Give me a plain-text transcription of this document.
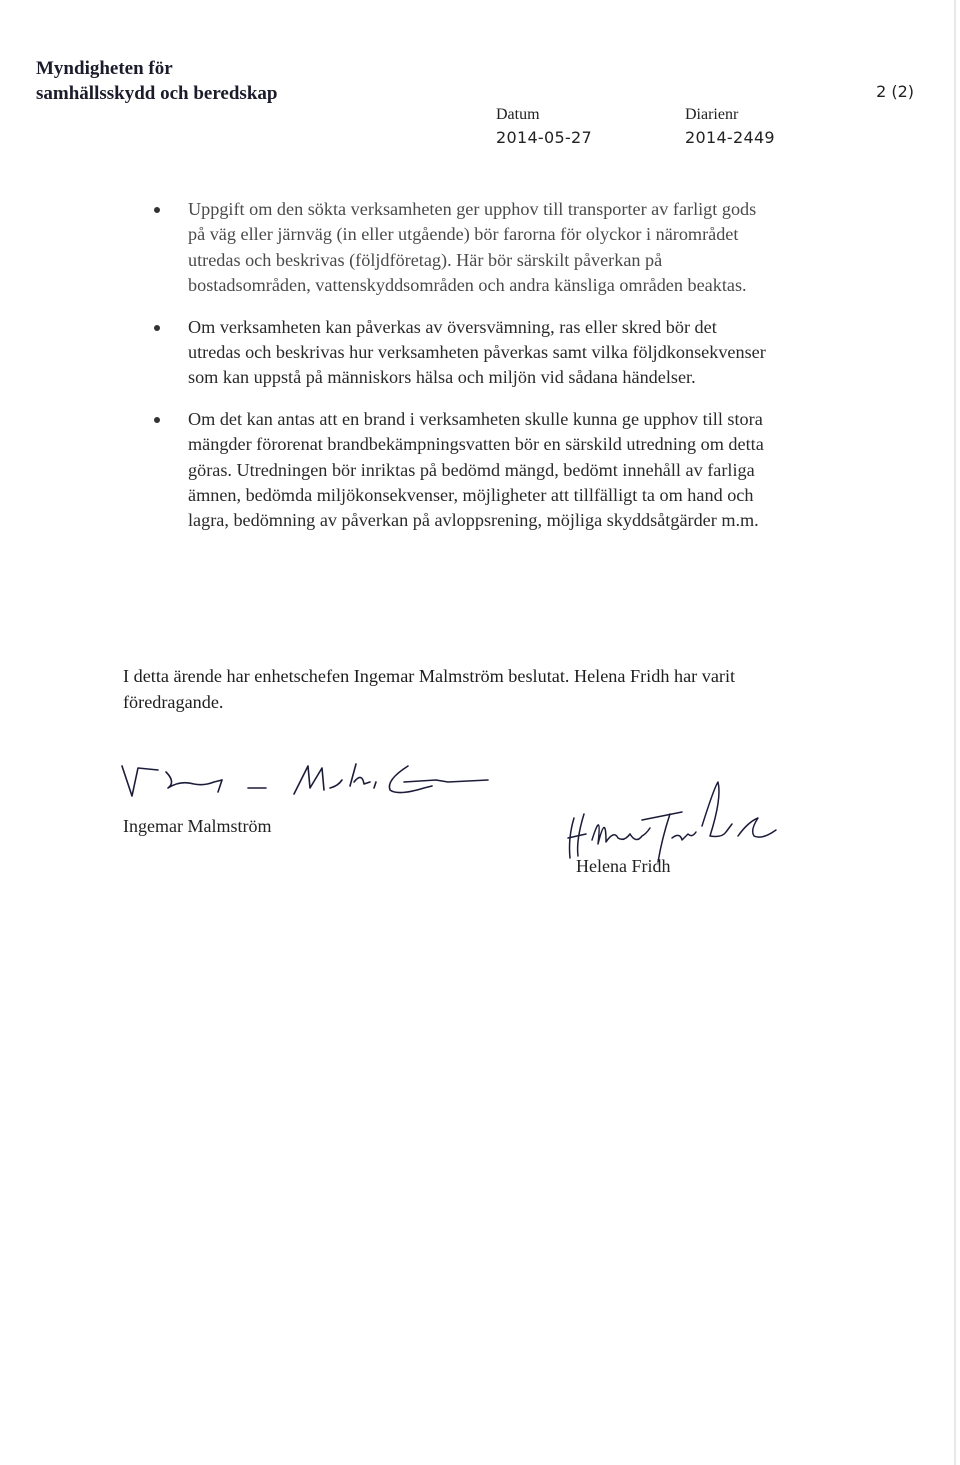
Myndigheten för
samhällsskydd och beredskap	2 (2)
Datum
2014-05-27
Diarienr
2014-2449
Uppgift om den sökta verksamheten ger upphov till transporter av farligt gods på väg eller järnväg (in eller utgående) bör farorna för olyckor i närområdet utredas och beskrivas (följdföretag). Här bör särskilt påverkan på bostadsområden, vattenskyddsområden och andra känsliga områden beaktas.
Om verksamheten kan påverkas av översvämning, ras eller skred bör det utredas och beskrivas hur verksamheten påverkas samt vilka följdkonsekvenser som kan uppstå på människors hälsa och miljön vid sådana händelser.
Om det kan antas att en brand i verksamheten skulle kunna ge upphov till stora mängder förorenat brandbekämpningsvatten bör en särskild utredning om detta göras. Utredningen bör inriktas på bedömd mängd, bedömt innehåll av farliga ämnen, bedömda miljökonsekvenser, möjligheter att tillfälligt ta om hand och lagra, bedömning av påverkan på avloppsrening, möjliga skyddsåtgärder m.m.
I detta ärende har enhetschefen Ingemar Malmström beslutat. Helena Fridh har varit föredragande.
Ingemar Malmström
Helena Fridh
